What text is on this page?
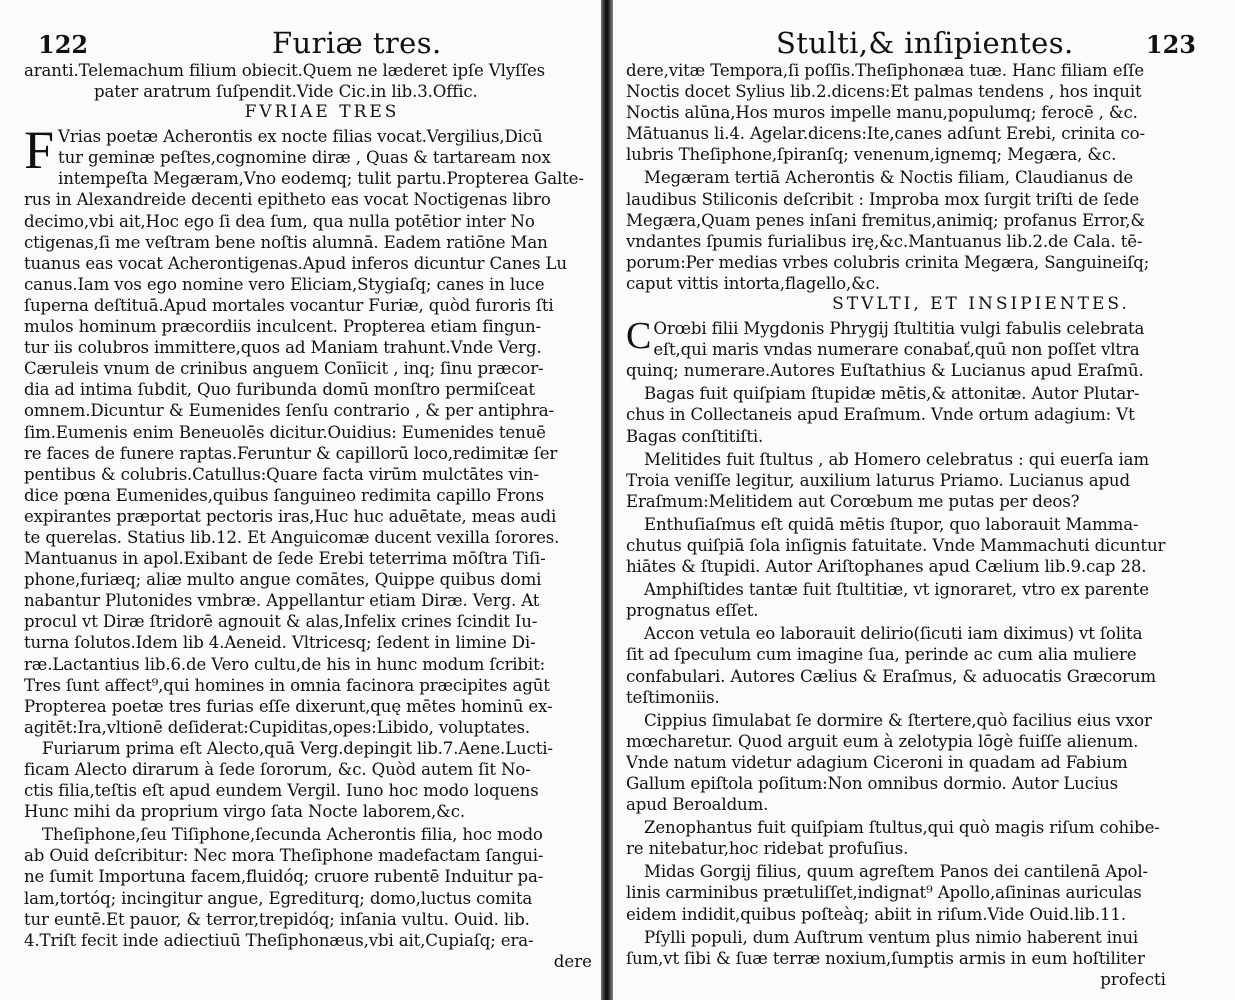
122	Furiæ tres.
aranti.Telemachum filium obiecit.Quem ne læderet ipſe Vlyſſes
pater aratrum ſuſpendit.Vide Cic.in lib.3.Offic.
FVRIAE TRES
F Vrias poetæ Acherontis ex nocte filias vocat.Vergilius,Dicū
tur geminæ peſtes,cognomine diræ , Quas & tartaream nox
intempeſta Megæram,Vno eodemq; tulit partu.Propterea Galte-
rus in Alexandreide decenti epitheto eas vocat Noctigenas libro
decimo,vbi ait,Hoc ego ſi dea ſum, qua nulla potētior inter No
ctigenas,ſi me veſtram bene noſtis alumnā. Eadem ratiōne Man
tuanus eas vocat Acherontigenas.Apud inferos dicuntur Canes Lu
canus.Iam vos ego nomine vero Eliciam,Stygiaſq; canes in luce
ſuperna deſtituā.Apud mortales vocantur Furiæ, quòd furoris ſti
mulos hominum præcordiis inculcent. Propterea etiam fingun-
tur iis colubros immittere,quos ad Maniam trahunt.Vnde Verg.
Cæruleis vnum de crinibus anguem Conīicit , inq; ſinu præcor-
dia ad intima ſubdit, Quo furibunda domū monſtro permiſceat
omnem.Dicuntur & Eumenides ſenſu contrario , & per antiphra-
ſim.Eumenis enim Beneuolēs dicitur.Ouidius: Eumenides tenuē
re faces de funere raptas.Feruntur & capillorū loco,redimitæ ſer
pentibus & colubris.Catullus:Quare facta virūm mulctātes vin-
dice pœna Eumenides,quibus ſanguineo redimita capillo Frons
expirantes præportat pectoris iras,Huc huc aduētate, meas audi
te querelas. Statius lib.12. Et Anguicomæ ducent vexilla ſorores.
Mantuanus in apol.Exibant de ſede Erebi teterrima mōſtra Tiſi-
phone,furiæq; aliæ multo angue comātes, Quippe quibus domi
nabantur Plutonides vmbræ. Appellantur etiam Diræ. Verg. At
procul vt Diræ ſtridorē agnouit & alas,Infelix crines ſcindit Iu-
turna ſolutos.Idem lib 4.Aeneid. Vltricesq; ſedent in limine Di-
ræ.Lactantius lib.6.de Vero cultu,de his in hunc modum ſcribit:
Tres ſunt affect⁹,qui homines in omnia facinora præcipites agūt
Propterea poetæ tres furias eſſe dixerunt,quę mētes hominū ex-
agitēt:Ira,vltionē deſiderat:Cupiditas,opes:Libido, voluptates.
Furiarum prima eſt Alecto,quā Verg.depingit lib.7.Aene.Lucti-
ficam Alecto dirarum à ſede ſororum, &c. Quòd autem ſit No-
ctis filia,teſtis eſt apud eundem Vergil. Iuno hoc modo loquens
Hunc mihi da proprium virgo ſata Nocte laborem,&c.
Theſiphone,ſeu Tiſiphone,ſecunda Acherontis filia, hoc modo
ab Ouid deſcribitur: Nec mora Theſiphone madefactam ſangui-
ne ſumit Importuna facem,fluidóq; cruore rubentē Induitur pa-
lam,tortóq; incingitur angue, Egrediturq; domo,luctus comita
tur euntē.Et pauor, & terror,trepidóq; inſania vultu. Ouid. lib.
4.Triſt fecit inde adiectiuū Theſiphonæus,vbi ait,Cupiaſq; era-
dere
Stulti,& inſipientes.	123
dere,vitæ Tempora,ſi poſſis.Theſiphonæa tuæ. Hanc filiam eſſe
Noctis docet Sylius lib.2.dicens:Et palmas tendens , hos inquit
Noctis alūna,Hos muros impelle manu,populumq; ferocē , &c.
Mātuanus li.4. Agelar.dicens:Ite,canes adſunt Erebi, crinita co-
lubris Theſiphone,ſpiranſq; venenum,ignemq; Megæra, &c.
Megæram tertiā Acherontis & Noctis filiam, Claudianus de
laudibus Stiliconis deſcribit : Improba mox ſurgit triſti de ſede
Megæra,Quam penes inſani fremitus,animiq; profanus Error,&
vndantes ſpumis furialibus irę,&c.Mantuanus lib.2.de Cala. tē-
porum:Per medias vrbes colubris crinita Megæra, Sanguineiſq;
caput vittis intorta,flagello,&c.
STVLTI, ET INSIPIENTES.
C Orœbi filii Mygdonis Phrygij ſtultitia vulgi fabulis celebrata
eſt,qui maris vndas numerare conabať,quū non poſſet vltra
quinq; numerare.Autores Euſtathius & Lucianus apud Eraſmū.
Bagas fuit quiſpiam ſtupidæ mētis,& attonitæ. Autor Plutar-
chus in Collectaneis apud Eraſmum. Vnde ortum adagium: Vt
Bagas conſtitiſti.
Melitides fuit ſtultus , ab Homero celebratus : qui euerſa iam
Troia veniſſe legitur, auxilium laturus Priamo. Lucianus apud
Eraſmum:Melitidem aut Corœbum me putas per deos?
Enthuſiaſmus eſt quidā mētis ſtupor, quo laborauit Mamma-
chutus quiſpiā ſola inſignis fatuitate. Vnde Mammachuti dicuntur
hiātes & ſtupidi. Autor Ariſtophanes apud Cælium lib.9.cap 28.
Amphiſtides tantæ fuit ſtultitiæ, vt ignoraret, vtro ex parente
prognatus eſſet.
Accon vetula eo laborauit delirio(ſicuti iam diximus) vt ſolita
ſit ad ſpeculum cum imagine ſua, perinde ac cum alia muliere
confabulari. Autores Cælius & Eraſmus, & aduocatis Græcorum
teſtimoniis.
Cippius ſimulabat ſe dormire & ſtertere,quò facilius eius vxor
mœcharetur. Quod arguit eum à zelotypia lōgè fuiſſe alienum.
Vnde natum videtur adagium Ciceroni in quadam ad Fabium
Gallum epiſtola poſitum:Non omnibus dormio. Autor Lucius
apud Beroaldum.
Zenophantus fuit quiſpiam ſtultus,qui quò magis riſum cohibe-
re nitebatur,hoc ridebat profuſius.
Midas Gorgij filius, quum agreſtem Panos dei cantilenā Apol-
linis carminibus prætuliſſet,indignat⁹ Apollo,aſininas auriculas
eidem indidit,quibus poſteàq; abiit in riſum.Vide Ouid.lib.11.
Pſylli populi, dum Auſtrum ventum plus nimio haberent inui
ſum,vt ſibi & ſuæ terræ noxium,ſumptis armis in eum hoſtiliter
profecti
